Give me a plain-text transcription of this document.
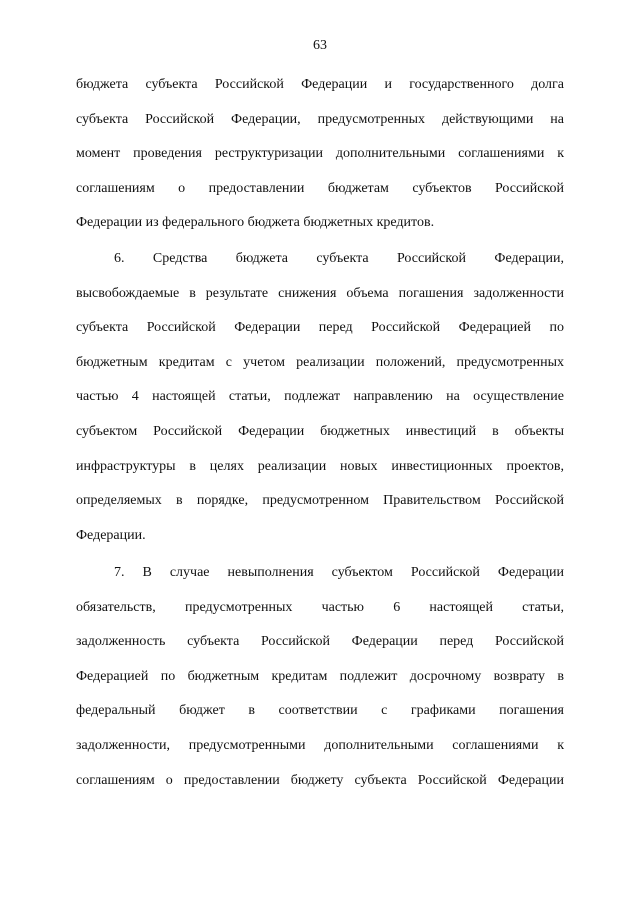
63
бюджета субъекта Российской Федерации и государственного долга
субъекта Российской Федерации, предусмотренных действующими на
момент проведения реструктуризации дополнительными соглашениями к
соглашениям о предоставлении бюджетам субъектов Российской
Федерации из федерального бюджета бюджетных кредитов.
6. Средства бюджета субъекта Российской Федерации,
высвобождаемые в результате снижения объема погашения задолженности
субъекта Российской Федерации перед Российской Федерацией по
бюджетным кредитам с учетом реализации положений, предусмотренных
частью 4 настоящей статьи, подлежат направлению на осуществление
субъектом Российской Федерации бюджетных инвестиций в объекты
инфраструктуры в целях реализации новых инвестиционных проектов,
определяемых в порядке, предусмотренном Правительством Российской
Федерации.
7. В случае невыполнения субъектом Российской Федерации
обязательств, предусмотренных частью 6 настоящей статьи,
задолженность субъекта Российской Федерации перед Российской
Федерацией по бюджетным кредитам подлежит досрочному возврату в
федеральный бюджет в соответствии с графиками погашения
задолженности, предусмотренными дополнительными соглашениями к
соглашениям о предоставлении бюджету субъекта Российской Федерации
